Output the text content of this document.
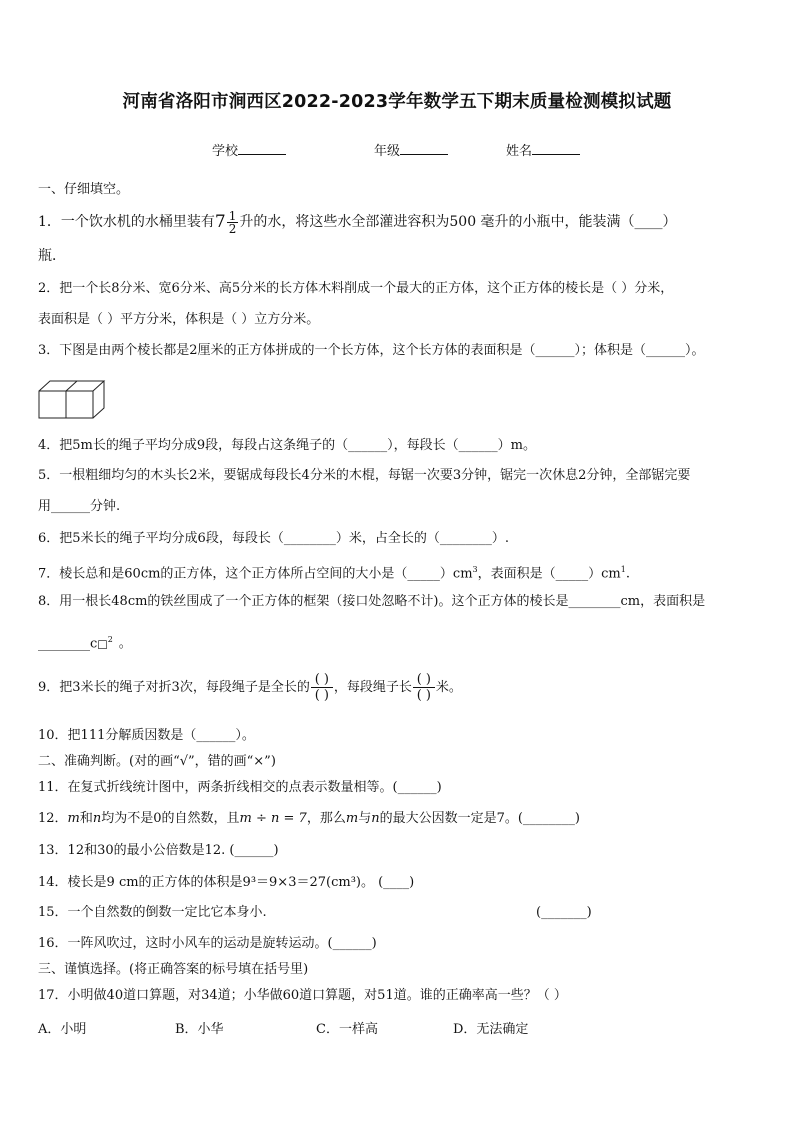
河南省洛阳市涧西区2022-2023学年数学五下期末质量检测模拟试题
学校	年级	姓名
一、仔细填空。
1．一个饮水机的水桶里装有$7 \frac{1}{2}$ 升的水，将这些水全部灌进容积为500 毫升的小瓶中，能装满（____）
瓶．
2．把一个长8分米、宽6分米、高5分米的长方体木料削成一个最大的正方体，这个正方体的棱长是（ ）分米，
表面积是（ ）平方分米，体积是（ ）立方分米。
3．下图是由两个棱长都是2厘米的正方体拼成的一个长方体，这个长方体的表面积是（______）；体积是（______）。
4．把5m长的绳子平均分成9段，每段占这条绳子的（______），每段长（______）m。
5．一根粗细均匀的木头长2米，要锯成每段长4分米的木棍，每锯一次要3分钟，锯完一次休息2分钟，全部锯完要
用______分钟.
6．把5米长的绳子平均分成6段，每段长（________）米，占全长的（________）.
7．棱长总和是60cm的正方体，这个正方体所占空间的大小是$(\_\_\_\_\_)cm^3$，表面积是$(\_\_\_\_\_)cm^1$.
8．用一根长48cm的铁丝围成了一个正方体的框架（接口处忽略不计)。这个正方体的棱长是________cm，表面积是
________c□$^2$ 。
9．把3米长的绳子对折3次，每段绳子是全长的 $\frac{( )}{( )}$ ，每段绳子长 $\frac{( )}{( )}$ 米。
10．把111分解质因数是（______）。
二、准确判断。(对的画“√”，错的画“×”)
11．在复式折线统计图中，两条折线相交的点表示数量相等。(______)
12．m和n均为不是0的自然数，且m ÷ n = 7，那么m与n的最大公因数一定是7。(________)
13．12和30的最小公倍数是12. (______)
14．棱长是9 cm的正方体的体积是9³＝9×3＝27(cm³)。 (____)
15．一个自然数的倒数一定比它本身小.	(_______)
16．一阵风吹过，这时小风车的运动是旋转运动。(______)
三、谨慎选择。(将正确答案的标号填在括号里)
17．小明做40道口算题，对34道；小华做60道口算题，对51道。谁的正确率高一些？（ ）
A．小明	B．小华	C．一样高	D．无法确定
